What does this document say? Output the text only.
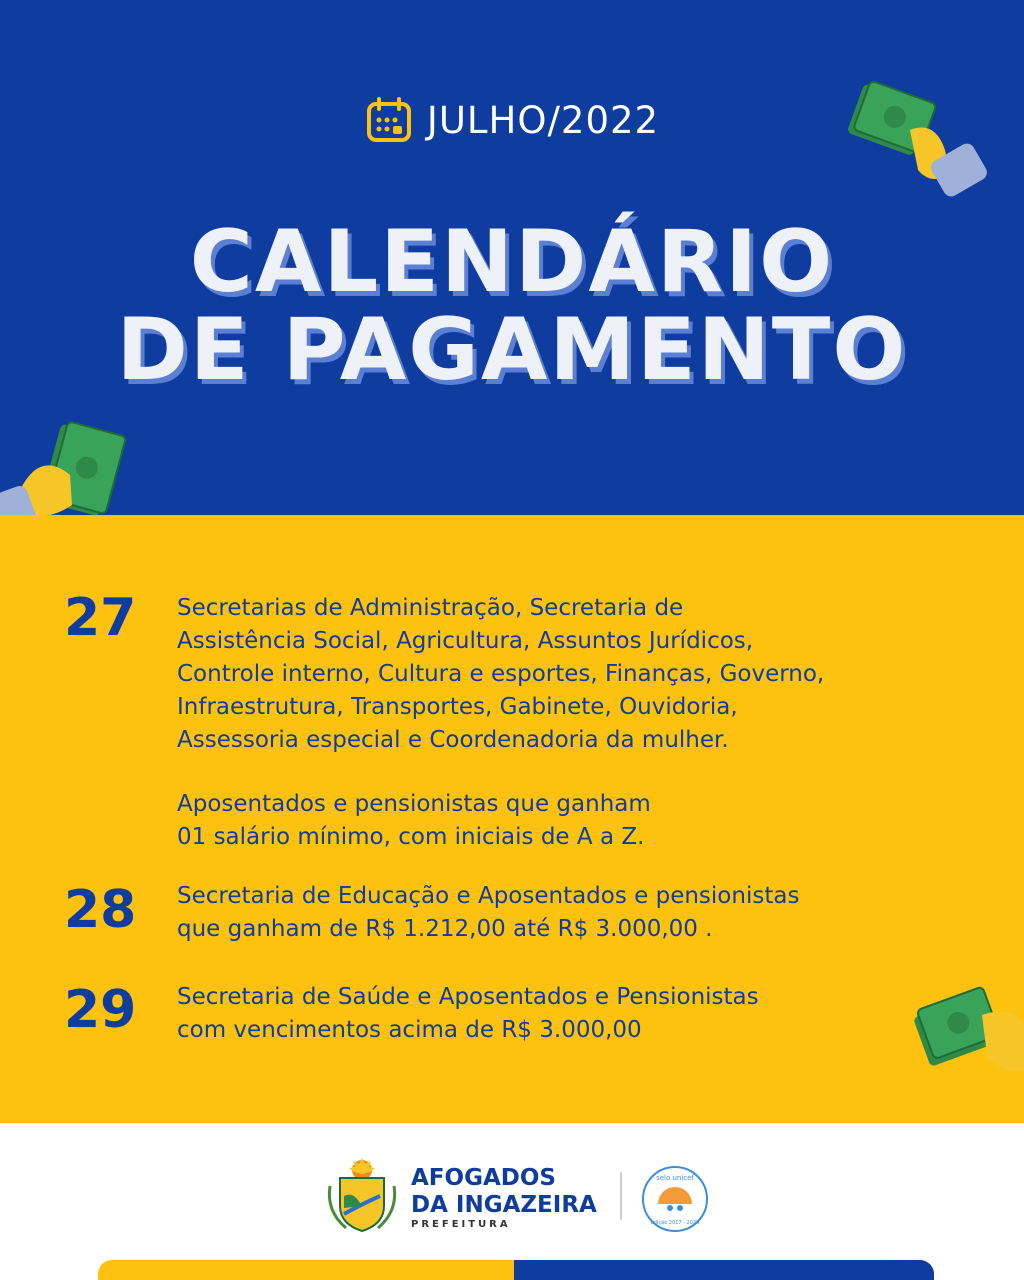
JULHO/2022
CALENDÁRIO
DE PAGAMENTO
27 Secretarias de Administração, Secretaria de
Assistência Social, Agricultura, Assuntos Jurídicos,
Controle interno, Cultura e esportes, Finanças, Governo,
Infraestrutura, Transportes, Gabinete, Ouvidoria,
Assessoria especial e Coordenadoria da mulher.
Aposentados e pensionistas que ganham
01 salário mínimo, com iniciais de A a Z.
28 Secretaria de Educação e Aposentados e pensionistas
que ganham de R$ 1.212,00 até R$ 3.000,00 .
29 Secretaria de Saúde e Aposentados e Pensionistas
com vencimentos acima de R$ 3.000,00
AFOGADOS
DA INGAZEIRA
PREFEITURA
selo unicef
edição 2017 - 2020
